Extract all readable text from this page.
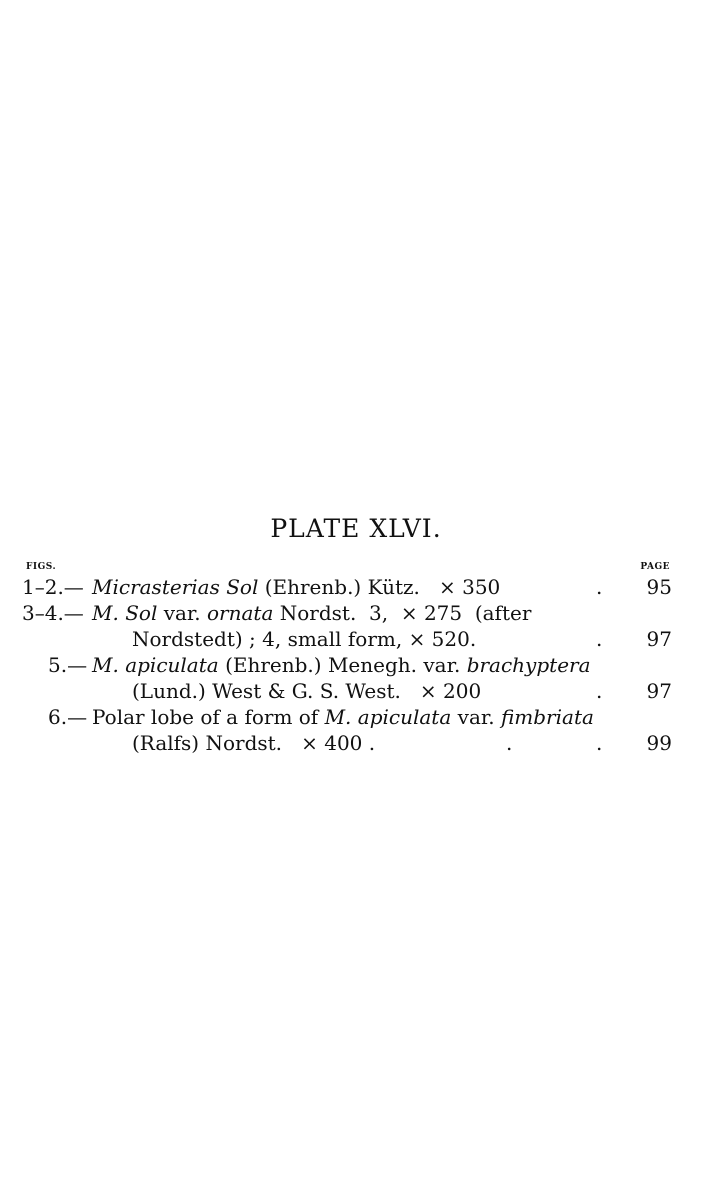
PLATE XLVI.
FIGS.	PAGE
1–2.— Micrasterias Sol (Ehrenb.) Kütz. × 350	. 95
3–4.— M. Sol var. ornata Nordst.  3,  × 275  (after
Nordstedt) ; 4, small form, × 520.	. 97
5.— M. apiculata (Ehrenb.) Menegh. var. brachyptera
(Lund.) West & G. S. West.   × 200	. 97
6.— Polar lobe of a form of M. apiculata var. fimbriata
(Ralfs) Nordst.   × 400 .	.	. 99
